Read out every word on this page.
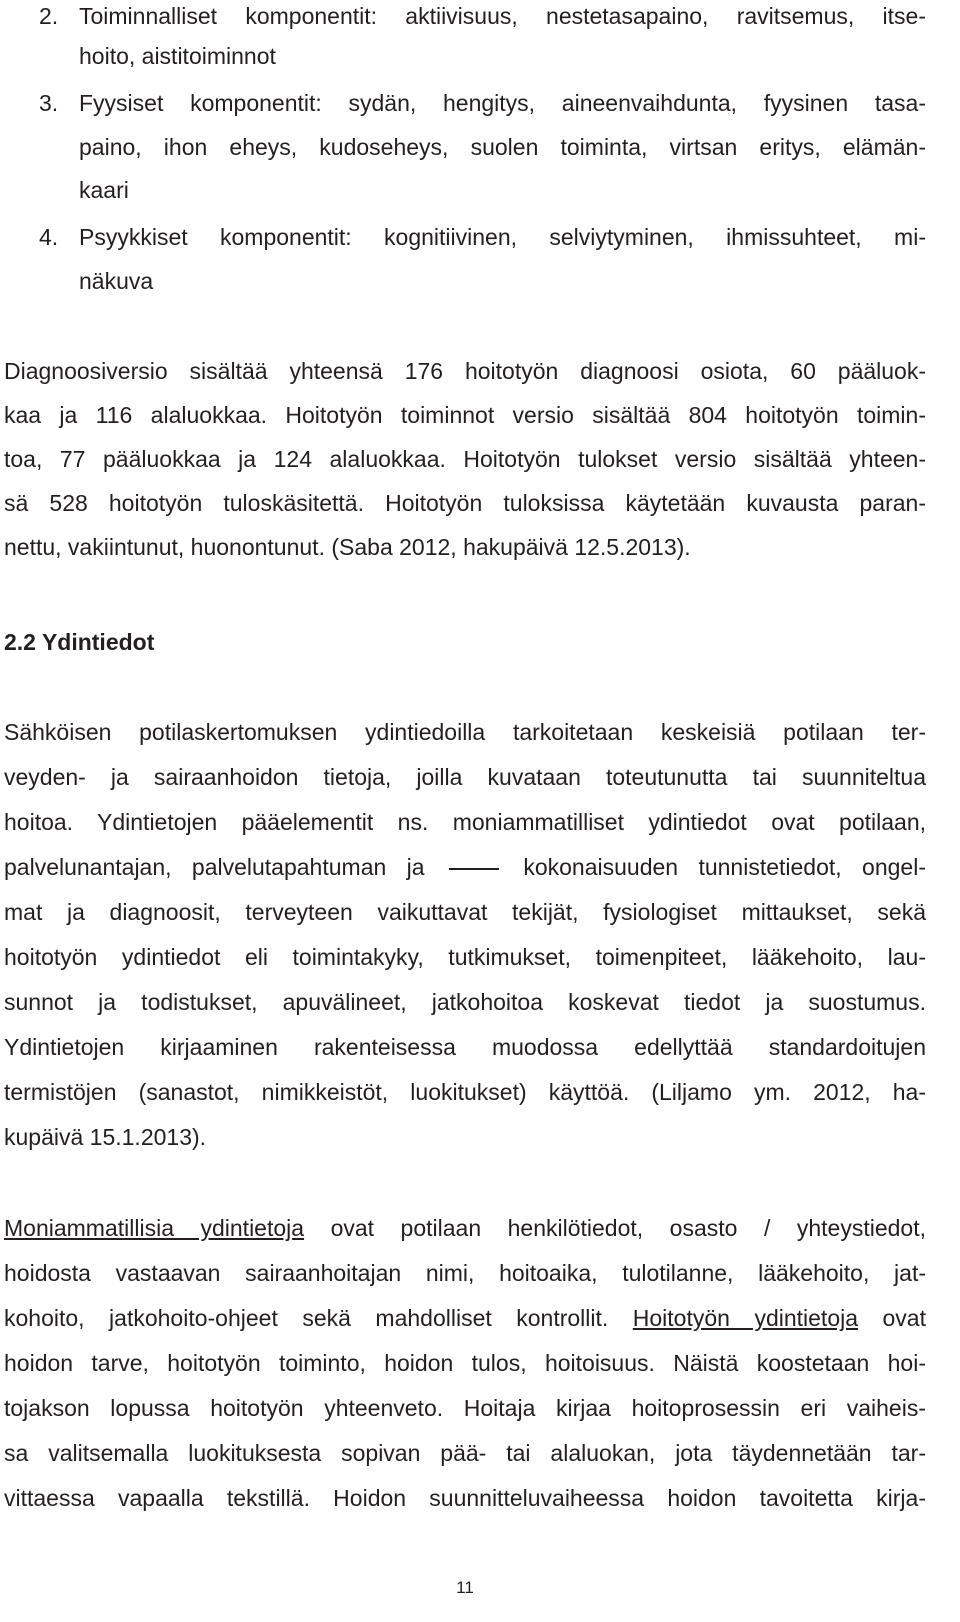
2. Toiminnalliset komponentit: aktiivisuus, nestetasapaino, ravitsemus, itse-

hoito, aistitoiminnot

3. Fyysiset komponentit: sydän, hengitys, aineenvaihdunta, fyysinen tasa-

paino, ihon eheys, kudoseheys, suolen toiminta, virtsan eritys, elämän-

kaari

4. Psyykkiset komponentit: kognitiivinen, selviytyminen, ihmissuhteet, mi-

näkuva

Diagnoosiversio sisältää yhteensä 176 hoitotyön diagnoosi osiota, 60 pääluok-

kaa ja 116 alaluokkaa. Hoitotyön toiminnot versio sisältää 804 hoitotyön toimin-

toa, 77 pääluokkaa ja 124 alaluokkaa. Hoitotyön tulokset versio sisältää yhteen-

sä 528 hoitotyön tuloskäsitettä. Hoitotyön tuloksissa käytetään kuvausta paran-

nettu, vakiintunut, huonontunut. (Saba 2012, hakupäivä 12.5.2013).

2.2 Ydintiedot

Sähköisen potilaskertomuksen ydintiedoilla tarkoitetaan keskeisiä potilaan ter-

veyden- ja sairaanhoidon tietoja, joilla kuvataan toteutunutta tai suunniteltua

hoitoa. Ydintietojen pääelementit ns. moniammatilliset ydintiedot ovat potilaan,

palvelunantajan, palvelutapahtuman ja	kokonaisuuden tunnistetiedot, ongel-

mat ja diagnoosit, terveyteen vaikuttavat tekijät, fysiologiset mittaukset, sekä

hoitotyön ydintiedot eli toimintakyky, tutkimukset, toimenpiteet, lääkehoito, lau-

sunnot ja todistukset, apuvälineet, jatkohoitoa koskevat tiedot ja suostumus.

Ydintietojen kirjaaminen rakenteisessa muodossa edellyttää standardoitujen

termistöjen (sanastot, nimikkeistöt, luokitukset) käyttöä. (Liljamo ym. 2012, ha-

kupäivä 15.1.2013).

Moniammatillisia ydintietoja ovat potilaan henkilötiedot, osasto / yhteystiedot,

hoidosta vastaavan sairaanhoitajan nimi, hoitoaika, tulotilanne, lääkehoito, jat-

kohoito, jatkohoito-ohjeet sekä mahdolliset kontrollit. Hoitotyön ydintietoja ovat

hoidon tarve, hoitotyön toiminto, hoidon tulos, hoitoisuus. Näistä koostetaan hoi-

tojakson lopussa hoitotyön yhteenveto. Hoitaja kirjaa hoitoprosessin eri vaiheis-

sa valitsemalla luokituksesta sopivan pää- tai alaluokan, jota täydennetään tar-

vittaessa vapaalla tekstillä. Hoidon suunnitteluvaiheessa hoidon tavoitetta kirja-

11
